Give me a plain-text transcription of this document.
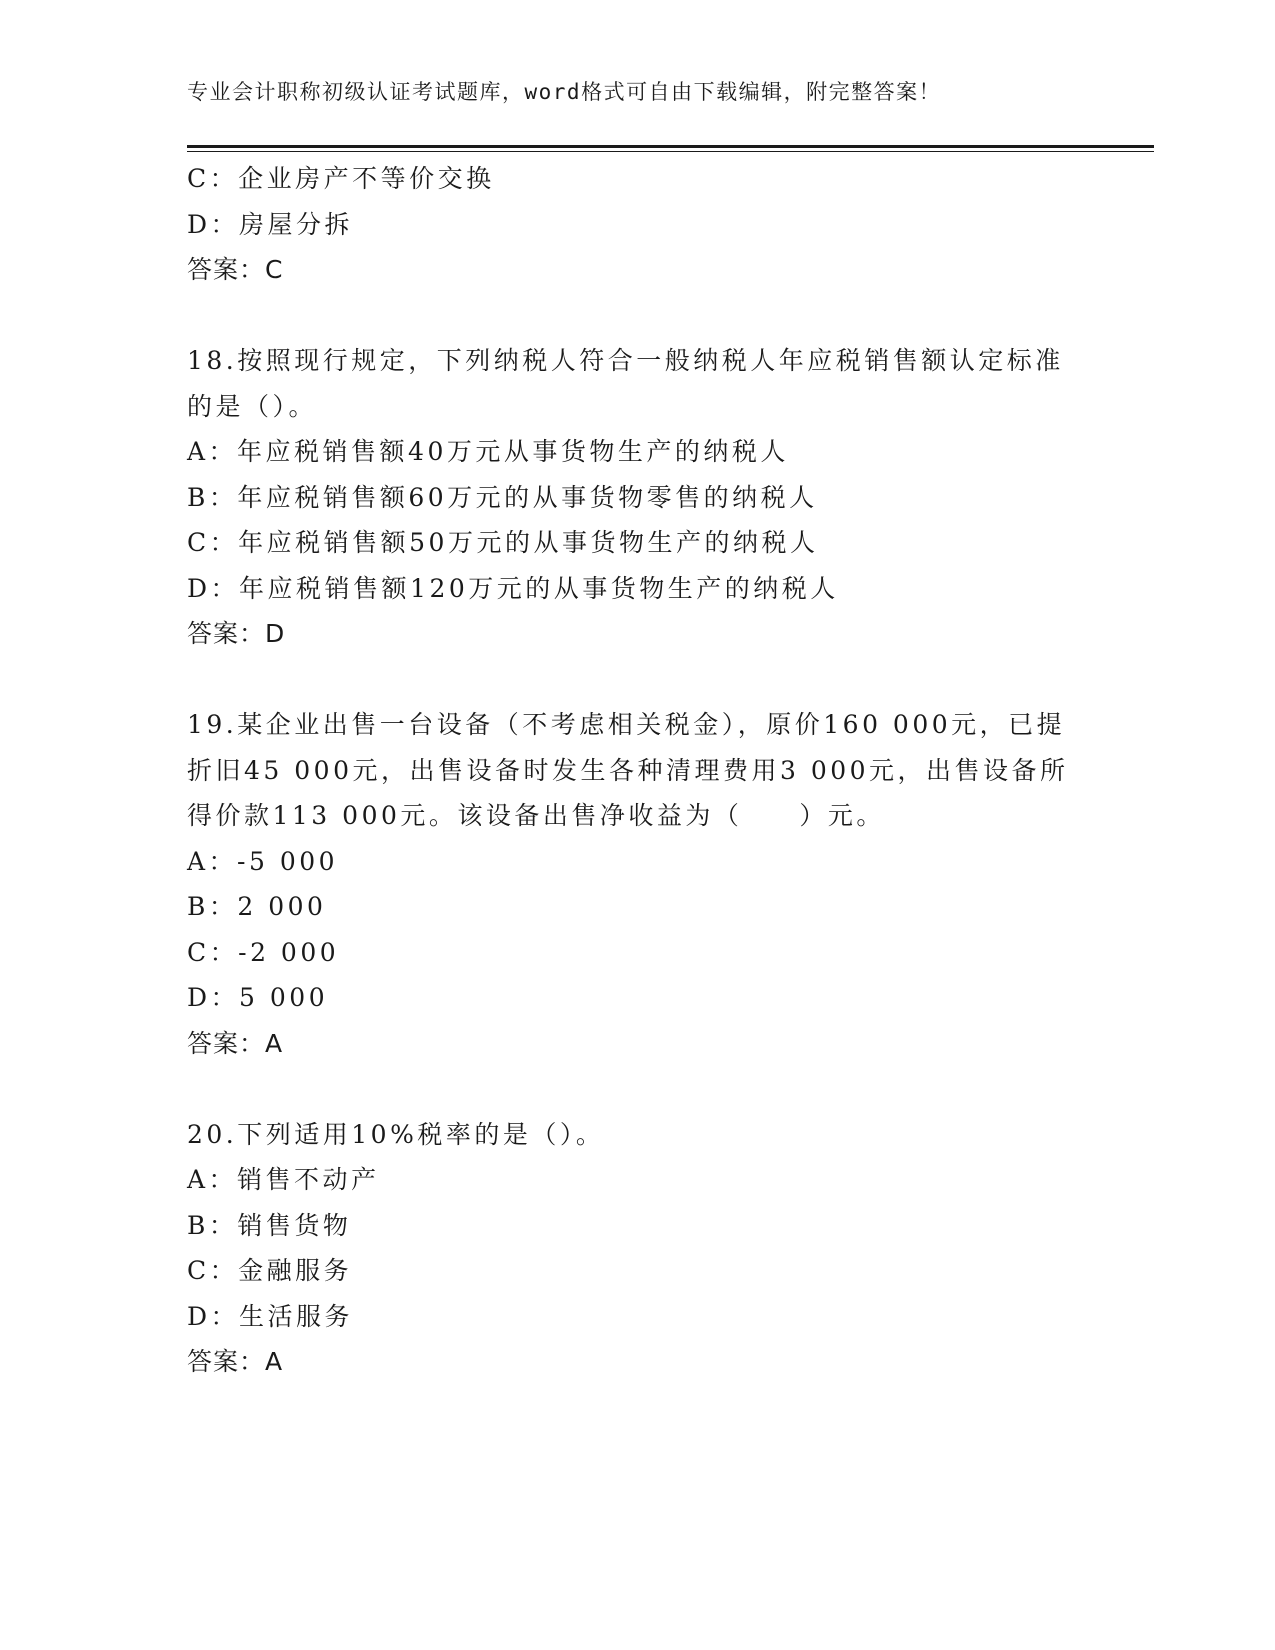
专业会计职称初级认证考试题库，word格式可自由下载编辑，附完整答案！
C：企业房产不等价交换
D：房屋分拆
答案：C
18.按照现行规定，下列纳税人符合一般纳税人年应税销售额认定标准
的是（）。
A：年应税销售额40万元从事货物生产的纳税人
B：年应税销售额60万元的从事货物零售的纳税人
C：年应税销售额50万元的从事货物生产的纳税人
D：年应税销售额120万元的从事货物生产的纳税人
答案：D
19.某企业出售一台设备（不考虑相关税金），原价160 000元，已提
折旧45 000元，出售设备时发生各种清理费用3 000元，出售设备所
得价款113 000元。该设备出售净收益为（　　）元。
A：-5 000
B：2 000
C：-2 000
D：5 000
答案：A
20.下列适用10%税率的是（）。
A：销售不动产
B：销售货物
C：金融服务
D：生活服务
答案：A
